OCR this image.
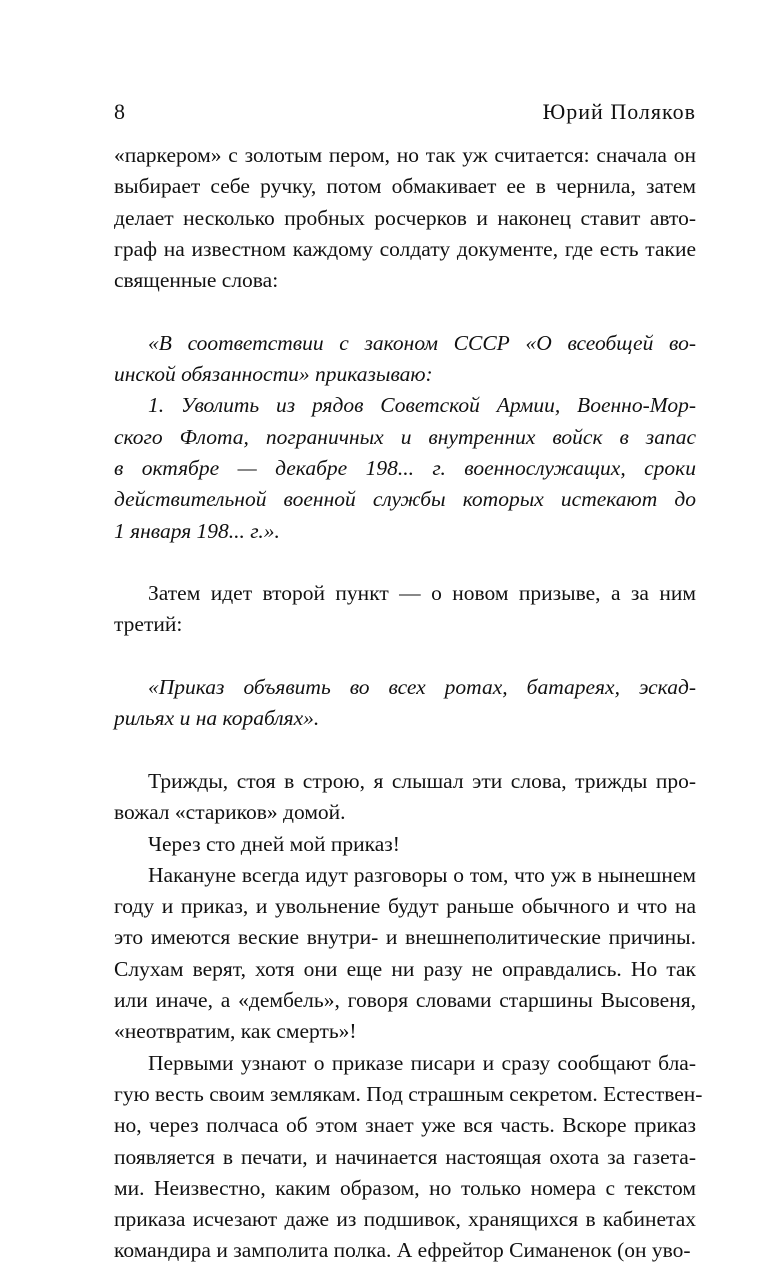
8	Юрий Поляков
«паркером» с золотым пером, но так уж считается: сначала он
выбирает себе ручку, потом обмакивает ее в чернила, затем
делает несколько пробных росчерков и наконец ставит авто-
граф на известном каждому солдату документе, где есть такие
священные слова:
«В соответствии с законом СССР «О всеобщей во-
инской обязанности» приказываю:
1. Уволить из рядов Советской Армии, Военно-Мор-
ского Флота, пограничных и внутренних войск в запас
в октябре — декабре 198... г. военнослужащих, сроки
действительной военной службы которых истекают до
1 января 198... г.».
Затем идет второй пункт — о новом призыве, а за ним
третий:
«Приказ объявить во всех ротах, батареях, эскад-
рильях и на кораблях».
Трижды, стоя в строю, я слышал эти слова, трижды про-
вожал «стариков» домой.
Через сто дней мой приказ!
Накануне всегда идут разговоры о том, что уж в нынешнем
году и приказ, и увольнение будут раньше обычного и что на
это имеются веские внутри- и внешнеполитические причины.
Слухам верят, хотя они еще ни разу не оправдались. Но так
или иначе, а «дембель», говоря словами старшины Высовеня,
«неотвратим, как смерть»!
Первыми узнают о приказе писари и сразу сообщают бла-
гую весть своим землякам. Под страшным секретом. Естествен-
но, через полчаса об этом знает уже вся часть. Вскоре приказ
появляется в печати, и начинается настоящая охота за газета-
ми. Неизвестно, каким образом, но только номера с текстом
приказа исчезают даже из подшивок, хранящихся в кабинетах
командира и замполита полка. А ефрейтор Симаненок (он уво-
